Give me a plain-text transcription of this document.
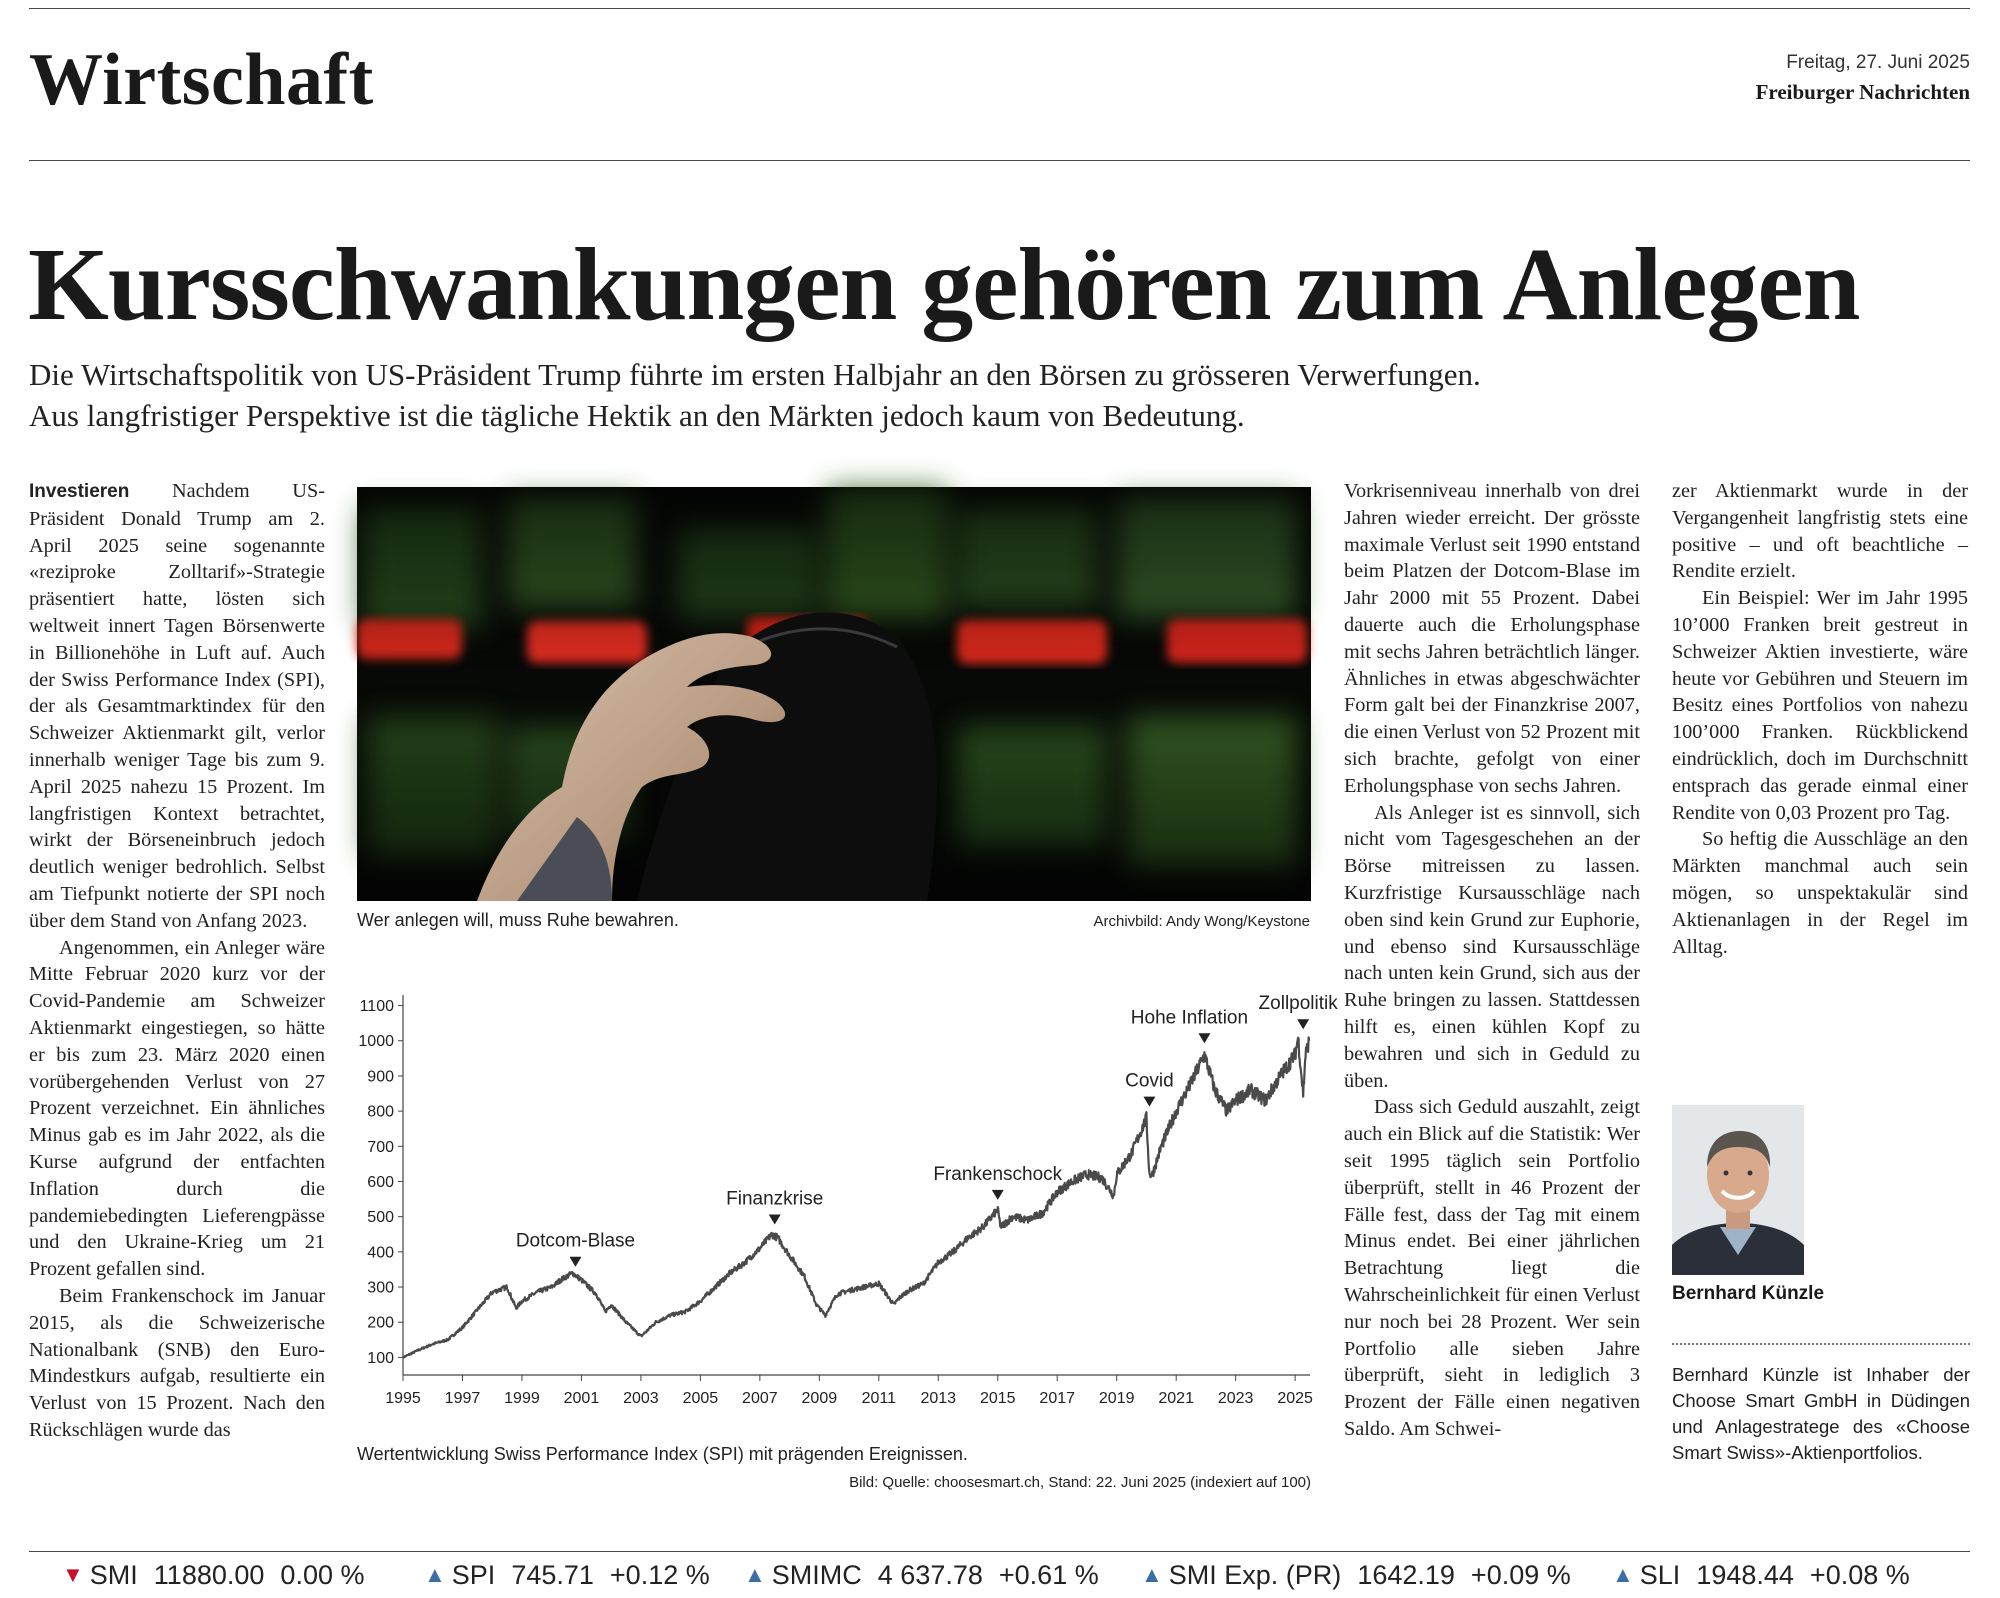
Wirtschaft	Freitag, 27. Juni 2025
Freiburger Nachrichten
Kursschwankungen gehören zum Anlegen
Die Wirtschaftspolitik von US-Präsident Trump führte im ersten Halbjahr an den Börsen zu grösseren Verwerfungen.
Aus langfristiger Perspektive ist die tägliche Hektik an den Märkten jedoch kaum von Bedeutung.

Investieren Nachdem US-Präsident Donald Trump am 2. April 2025 seine sogenannte «reziproke Zolltarif»-Strategie präsentiert hatte, lösten sich weltweit innert Tagen Börsenwerte in Billionehöhe in Luft auf. Auch der Swiss Performance Index (SPI), der als Gesamtmarktindex für den Schweizer Aktienmarkt gilt, verlor innerhalb weniger Tage bis zum 9. April 2025 nahezu 15 Prozent. Im langfristigen Kontext betrachtet, wirkt der Börseneinbruch jedoch deutlich weniger bedrohlich. Selbst am Tiefpunkt notierte der SPI noch über dem Stand von Anfang 2023.

Angenommen, ein Anleger wäre Mitte Februar 2020 kurz vor der Covid-Pandemie am Schweizer Aktienmarkt eingestiegen, so hätte er bis zum 23. März 2020 einen vorübergehenden Verlust von 27 Prozent verzeichnet. Ein ähnliches Minus gab es im Jahr 2022, als die Kurse aufgrund der entfachten Inflation durch die pandemiebedingten Lieferengpässe und den Ukraine-Krieg um 21 Prozent gefallen sind.

Beim Frankenschock im Januar 2015, als die Schweizerische Nationalbank (SNB) den Euro-Mindestkurs aufgab, resultierte ein Verlust von 15 Prozent. Nach den Rückschlägen wurde das

Wer anlegen will, muss Ruhe bewahren.	Archivbild: Andy Wong/Keystone
100
200
300
400
500
600
700
800
900
1000
1100
1995 1997 1999 2001 2003 2005 2007 2009 2011 2013 2015 2017 2019 2021 2023 2025
Dotcom-Blase
Finanzkrise
Frankenschock
Covid
Hohe Inflation
Zollpolitik
Wertentwicklung Swiss Performance Index (SPI) mit prägenden Ereignissen.
Bild: Quelle: choosesmart.ch, Stand: 22. Juni 2025 (indexiert auf 100)

Vorkrisenniveau innerhalb von drei Jahren wieder erreicht. Der grösste maximale Verlust seit 1990 entstand beim Platzen der Dotcom-Blase im Jahr 2000 mit 55 Prozent. Dabei dauerte auch die Erholungsphase mit sechs Jahren beträchtlich länger. Ähnliches in etwas abgeschwächter Form galt bei der Finanzkrise 2007, die einen Verlust von 52 Prozent mit sich brachte, gefolgt von einer Erholungsphase von sechs Jahren.

Als Anleger ist es sinnvoll, sich nicht vom Tagesgeschehen an der Börse mitreissen zu lassen. Kurzfristige Kursausschläge nach oben sind kein Grund zur Euphorie, und ebenso sind Kursausschläge nach unten kein Grund, sich aus der Ruhe bringen zu lassen. Stattdessen hilft es, einen kühlen Kopf zu bewahren und sich in Geduld zu üben.

Dass sich Geduld auszahlt, zeigt auch ein Blick auf die Statistik: Wer seit 1995 täglich sein Portfolio überprüft, stellt in 46 Prozent der Fälle fest, dass der Tag mit einem Minus endet. Bei einer jährlichen Betrachtung liegt die Wahrscheinlichkeit für einen Verlust nur noch bei 28 Prozent. Wer sein Portfolio alle sieben Jahre überprüft, sieht in lediglich 3 Prozent der Fälle einen negativen Saldo. Am Schwei-

zer Aktienmarkt wurde in der Vergangenheit langfristig stets eine positive – und oft beachtliche – Rendite erzielt.

Ein Beispiel: Wer im Jahr 1995 10’000 Franken breit gestreut in Schweizer Aktien investierte, wäre heute vor Gebühren und Steuern im Besitz eines Portfolios von nahezu 100’000 Franken. Rückblickend eindrücklich, doch im Durchschnitt entsprach das gerade einmal einer Rendite von 0,03 Prozent pro Tag.

So heftig die Ausschläge an den Märkten manchmal auch sein mögen, so unspektakulär sind Aktienanlagen in der Regel im Alltag.

Bernhard Künzle
Bernhard Künzle ist Inhaber der Choose Smart GmbH in Düdingen und Anlagestratege des «Choose Smart Swiss»-Aktienportfolios.
▼ SMI 11880.00 0.00 %	▲ SPI 745.71 +0.12 % ▲ SMIMC 4 637.78 +0.61 % ▲ SMI Exp. (PR) 1642.19 +0.09 % ▲ SLI 1948.44 +0.08 %
